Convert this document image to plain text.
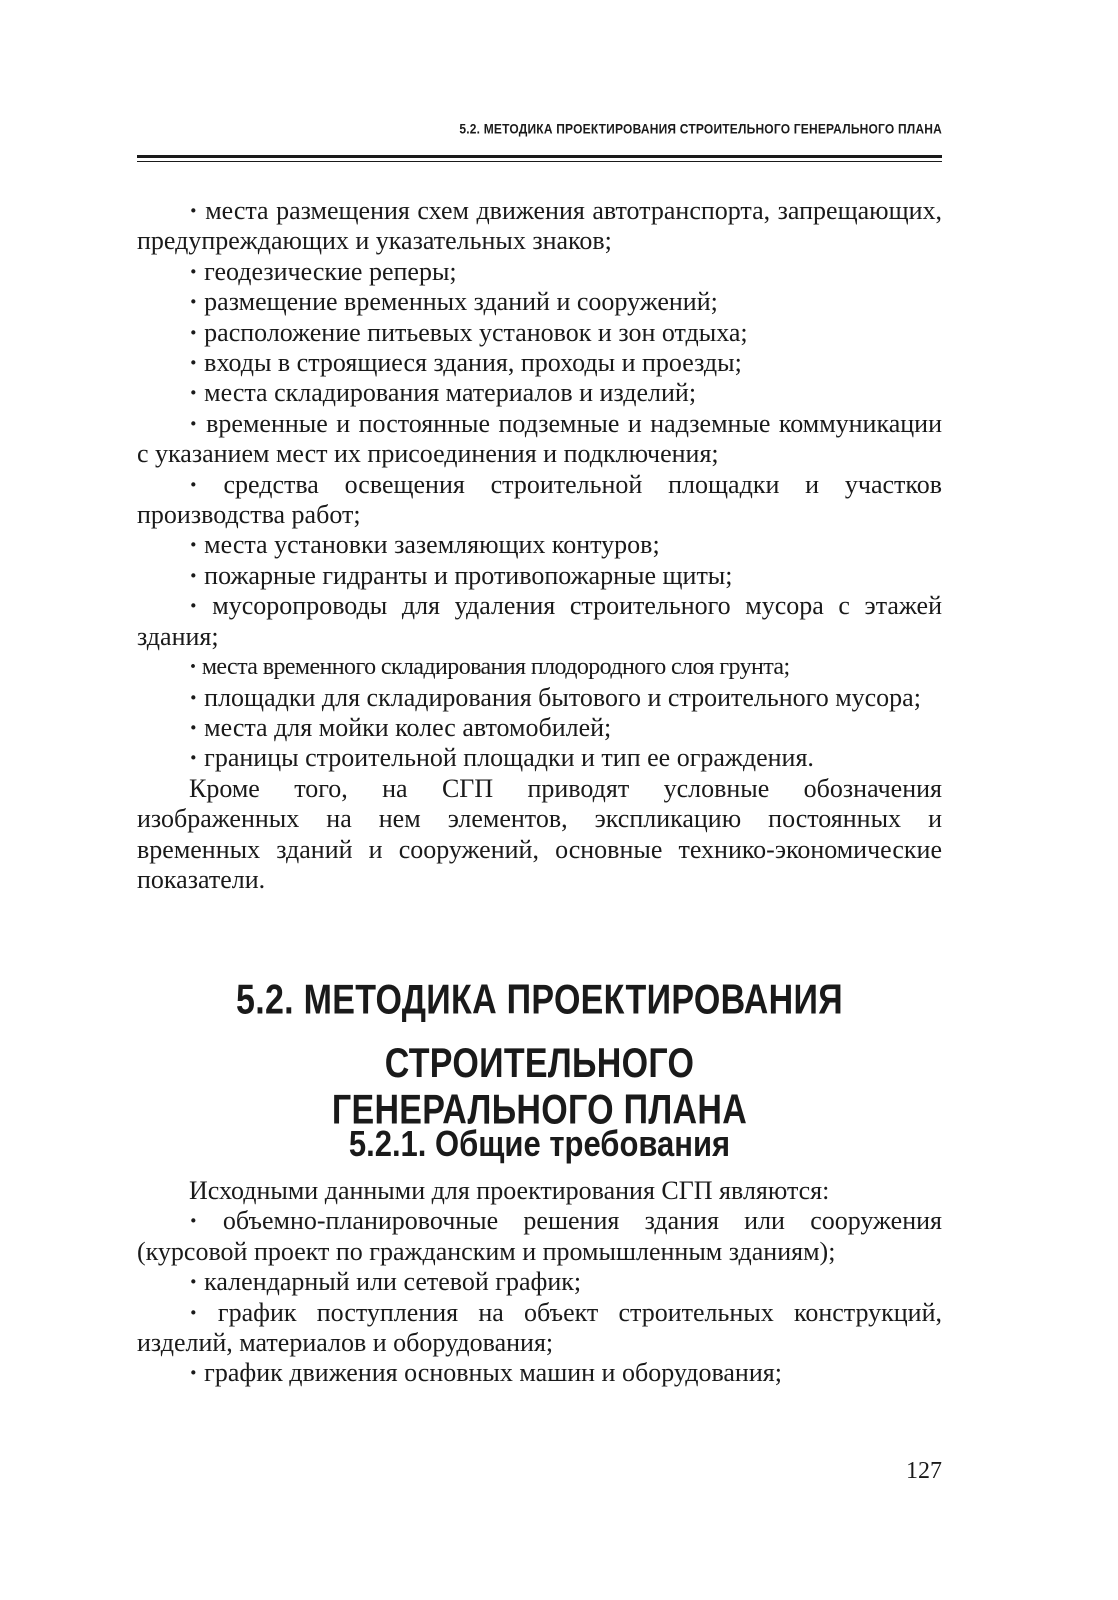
5.2. МЕТОДИКА ПРОЕКТИРОВАНИЯ СТРОИТЕЛЬНОГО ГЕНЕРАЛЬНОГО ПЛАНА

· места размещения схем движения автотранспорта, запрещающих, предупреждающих и указательных знаков;

· геодезические реперы;

· размещение временных зданий и сооружений;

· расположение питьевых установок и зон отдыха;

· входы в строящиеся здания, проходы и проезды;

· места складирования материалов и изделий;

· временные и постоянные подземные и надземные коммуникации с указанием мест их присоединения и подключения;

· средства освещения строительной площадки и участков производства работ;

· места установки заземляющих контуров;

· пожарные гидранты и противопожарные щиты;

· мусоропроводы для удаления строительного мусора с этажей здания;

· места временного складирования плодородного слоя грунта;

· площадки для складирования бытового и строительного мусора;

· места для мойки колес автомобилей;

· границы строительной площадки и тип ее ограждения.

Кроме того, на СГП приводят условные обозначения изображенных на нем элементов, экспликацию постоянных и временных зданий и сооружений, основные технико-экономические показатели.

5.2. МЕТОДИКА ПРОЕКТИРОВАНИЯ СТРОИТЕЛЬНОГО
ГЕНЕРАЛЬНОГО ПЛАНА
5.2.1. Общие требования

Исходными данными для проектирования СГП являются:

· объемно-планировочные решения здания или сооружения (курсовой проект по гражданским и промышленным зданиям);

· календарный или сетевой график;

· график поступления на объект строительных конструкций, изделий, материалов и оборудования;

· график движения основных машин и оборудования;

127
